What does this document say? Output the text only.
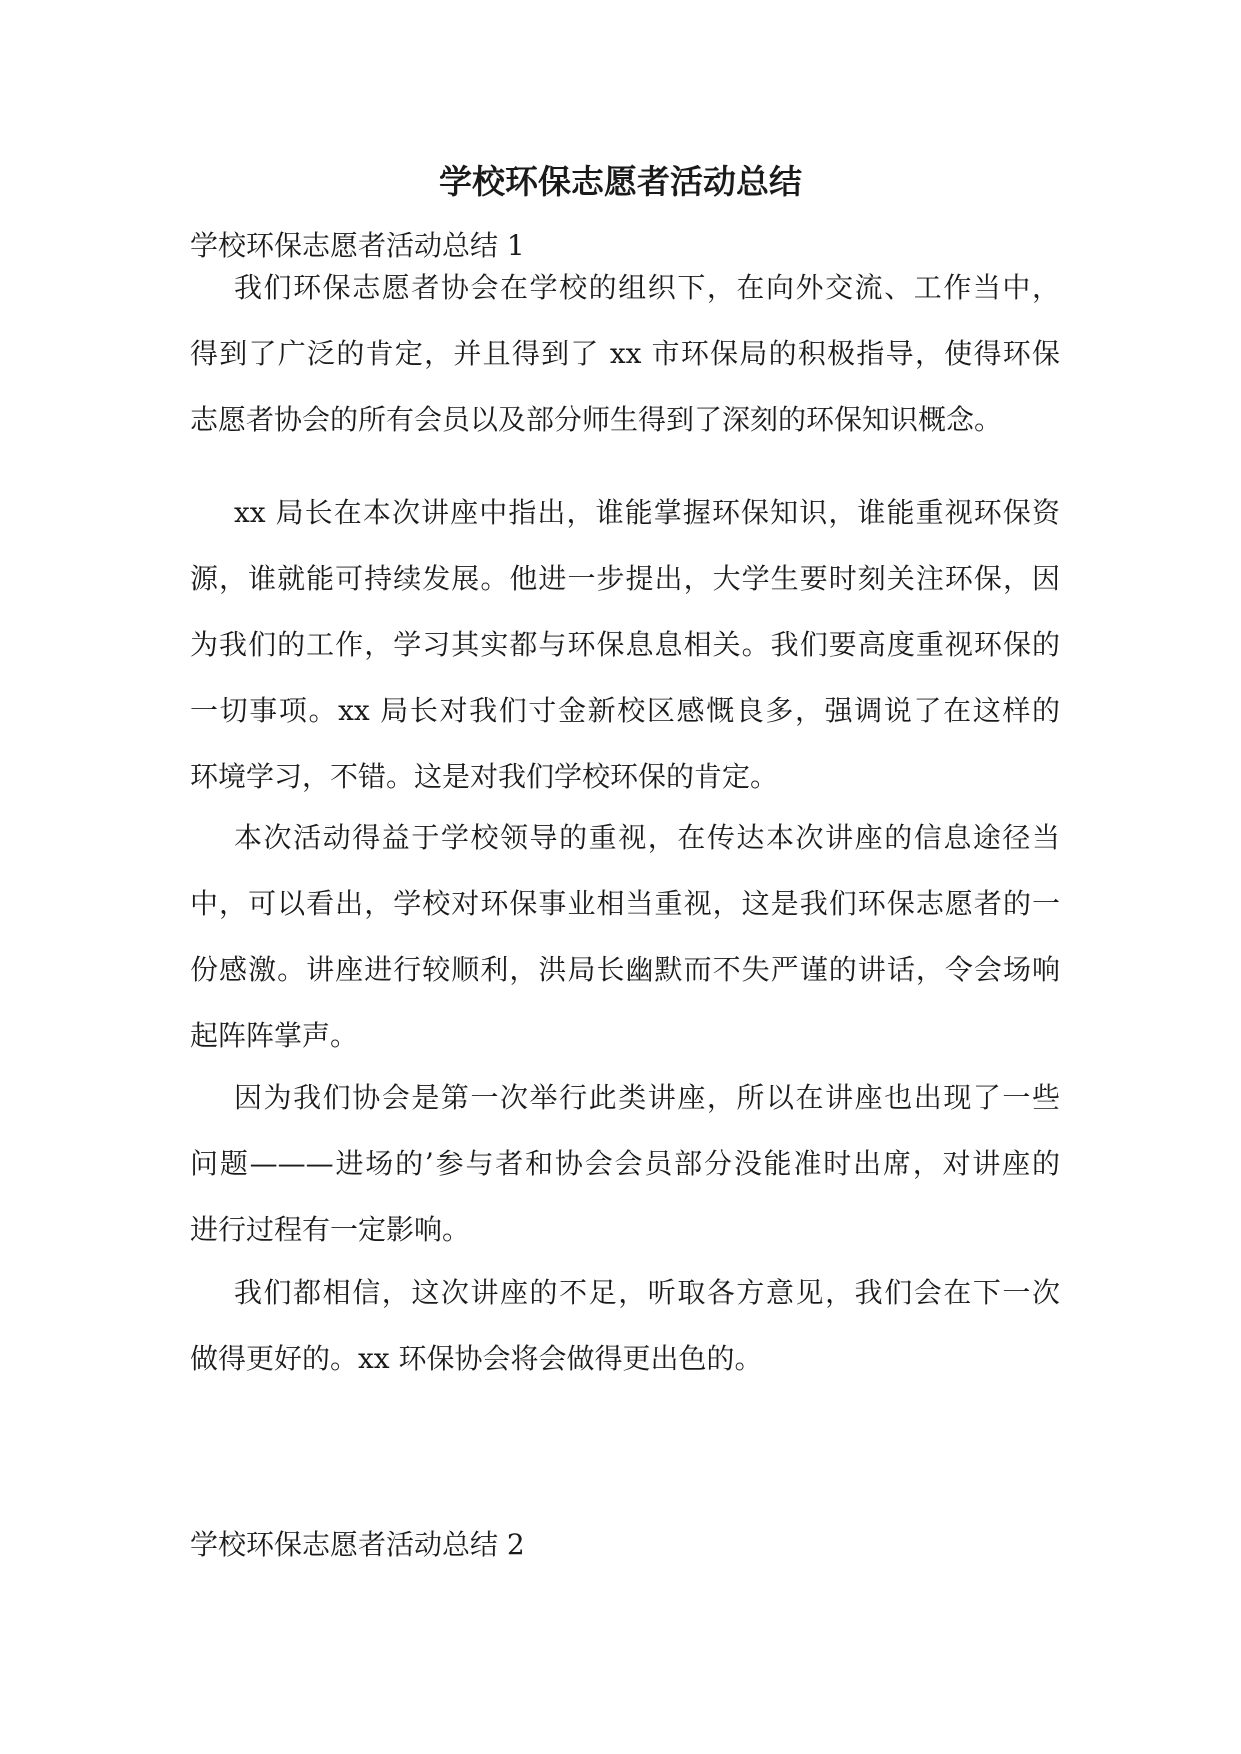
学校环保志愿者活动总结

学校环保志愿者活动总结 1

我们环保志愿者协会在学校的组织下，在向外交流、工作当中，
得到了广泛的肯定，并且得到了 xx 市环保局的积极指导，使得环保
志愿者协会的所有会员以及部分师生得到了深刻的环保知识概念。
xx 局长在本次讲座中指出，谁能掌握环保知识，谁能重视环保资
源，谁就能可持续发展。他进一步提出，大学生要时刻关注环保，因
为我们的工作，学习其实都与环保息息相关。我们要高度重视环保的
一切事项。xx 局长对我们寸金新校区感慨良多，强调说了在这样的
环境学习，不错。这是对我们学校环保的肯定。
本次活动得益于学校领导的重视，在传达本次讲座的信息途径当
中，可以看出，学校对环保事业相当重视，这是我们环保志愿者的一
份感激。讲座进行较顺利，洪局长幽默而不失严谨的讲话，令会场响
起阵阵掌声。
因为我们协会是第一次举行此类讲座，所以在讲座也出现了一些
问题———进场的’参与者和协会会员部分没能准时出席，对讲座的
进行过程有一定影响。
我们都相信，这次讲座的不足，听取各方意见，我们会在下一次
做得更好的。xx 环保协会将会做得更出色的。

学校环保志愿者活动总结 2
